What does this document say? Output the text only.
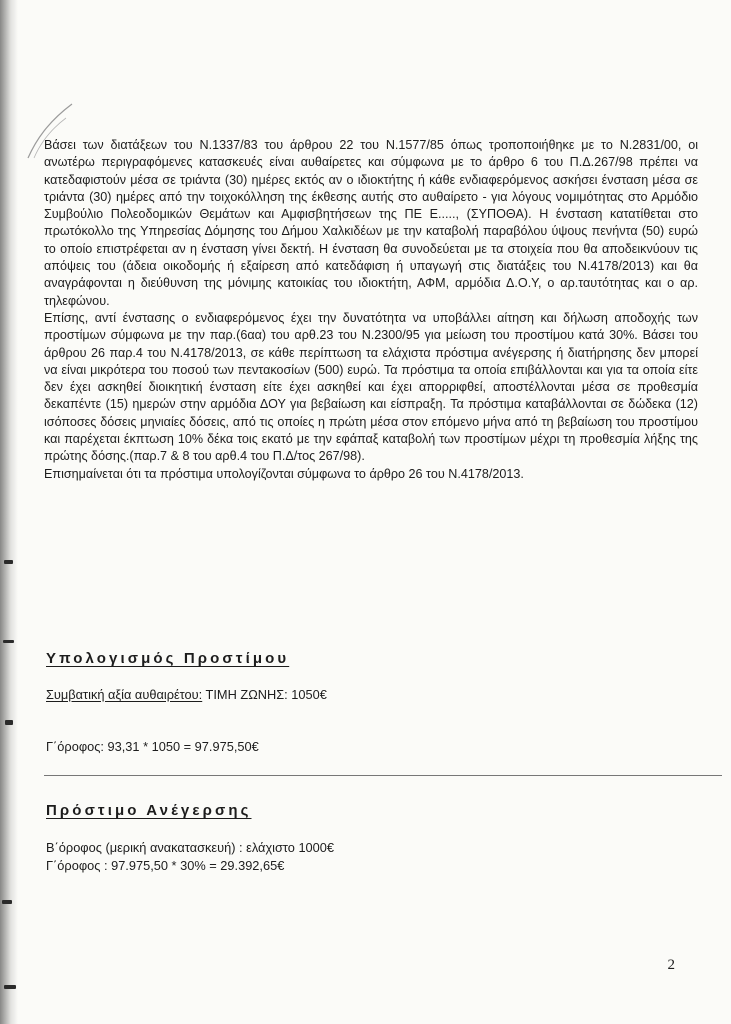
Βάσει των διατάξεων του Ν.1337/83 του άρθρου 22 του Ν.1577/85 όπως τροποποιήθηκε με το Ν.2831/00, οι ανωτέρω περιγραφόμενες κατασκευές είναι αυθαίρετες και σύμφωνα με το άρθρο 6 του Π.Δ.267/98 πρέπει να κατεδαφιστούν μέσα σε τριάντα (30) ημέρες εκτός αν ο ιδιοκτήτης ή κάθε ενδιαφερόμενος ασκήσει ένσταση μέσα σε τριάντα (30) ημέρες από την τοιχοκόλληση της έκθεσης αυτής στο αυθαίρετο - για λόγους νομιμότητας στο Αρμόδιο Συμβούλιο Πολεοδομικών Θεμάτων και Αμφισβητήσεων της ΠΕ Ε....., (ΣΥΠΟΘΑ). Η ένσταση κατατίθεται στο πρωτόκολλο της Υπηρεσίας Δόμησης του Δήμου Χαλκιδέων με την καταβολή παραβόλου ύψους πενήντα (50) ευρώ το οποίο επιστρέφεται αν η ένσταση γίνει δεκτή. Η ένσταση θα συνοδεύεται με τα στοιχεία που θα αποδεικνύουν τις απόψεις του (άδεια οικοδομής ή εξαίρεση από κατεδάφιση ή υπαγωγή στις διατάξεις του Ν.4178/2013) και θα αναγράφονται η διεύθυνση της μόνιμης κατοικίας του ιδιοκτήτη, ΑΦΜ, αρμόδια Δ.Ο.Υ, ο αρ.ταυτότητας και ο αρ. τηλεφώνου.

Επίσης, αντί ένστασης ο ενδιαφερόμενος έχει την δυνατότητα να υποβάλλει αίτηση και δήλωση αποδοχής των προστίμων σύμφωνα με την παρ.(6αα) του αρθ.23 του Ν.2300/95 για μείωση του προστίμου κατά 30%. Βάσει του άρθρου 26 παρ.4 του Ν.4178/2013, σε κάθε περίπτωση τα ελάχιστα πρόστιμα ανέγερσης ή διατήρησης δεν μπορεί να είναι μικρότερα του ποσού των πεντακοσίων (500) ευρώ. Τα πρόστιμα τα οποία επιβάλλονται και για τα οποία είτε δεν έχει ασκηθεί διοικητική ένσταση είτε έχει ασκηθεί και έχει απορριφθεί, αποστέλλονται μέσα σε προθεσμία δεκαπέντε (15) ημερών στην αρμόδια ΔΟΥ για βεβαίωση και είσπραξη. Τα πρόστιμα καταβάλλονται σε δώδεκα (12) ισόποσες δόσεις μηνιαίες δόσεις, από τις οποίες η πρώτη μέσα στον επόμενο μήνα από τη βεβαίωση του προστίμου και παρέχεται έκπτωση 10% δέκα τοις εκατό με την εφάπαξ καταβολή των προστίμων μέχρι τη προθεσμία λήξης της πρώτης δόσης.(παρ.7 & 8 του αρθ.4 του Π.Δ/τος 267/98).

Επισημαίνεται ότι τα πρόστιμα υπολογίζονται σύμφωνα το άρθρο 26 του Ν.4178/2013.

Υπολογισμός Προστίμου
Συμβατική αξία αυθαιρέτου: ΤΙΜΗ ΖΩΝΗΣ: 1050€
Γ΄όροφος: 93,31 * 1050 = 97.975,50€
Πρόστιμο Ανέγερσης
Β΄όροφος (μερική ανακατασκευή) : ελάχιστο 1000€
Γ΄όροφος : 97.975,50 * 30% = 29.392,65€
2
